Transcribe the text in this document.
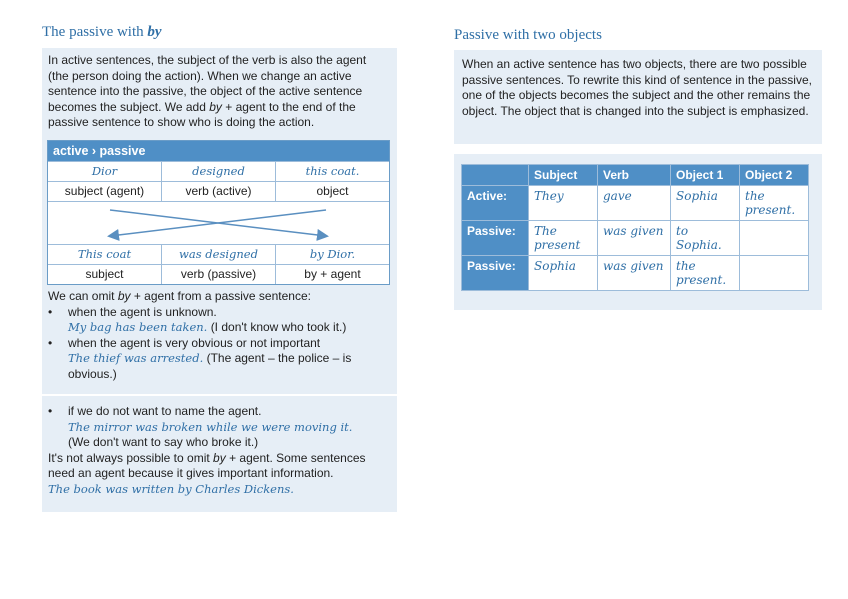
The passive with by
In active sentences, the subject of the verb is also the agent (the person doing the action). When we change an active sentence into the passive, the object of the active sentence becomes the subject. We add by + agent to the end of the passive sentence to show who is doing the action.
active › passive
Dior	designed	this coat.
subject (agent)	verb (active)	object
This coat	was designed	by Dior.
subject	verb (passive)	by + agent
We can omit by + agent from a passive sentence:
•	when the agent is unknown.
My bag has been taken. (I don't know who took it.)
•	when the agent is very obvious or not important
The thief was arrested. (The agent – the police – is obvious.)
•	if we do not want to name the agent.
The mirror was broken while we were moving it.
(We don't want to say who broke it.)
It's not always possible to omit by + agent. Some sentences need an agent because it gives important information.
The book was written by Charles Dickens.
Passive with two objects
When an active sentence has two objects, there are two possible passive sentences. To rewrite this kind of sentence in the passive, one of the objects becomes the subject and the other remains the object. The object that is changed into the subject is emphasized.
	Subject	Verb	Object 1	Object 2
Active:	They	gave	Sophia	the present.
Passive:	The present	was given	to Sophia.	
Passive:	Sophia	was given	the present.	
